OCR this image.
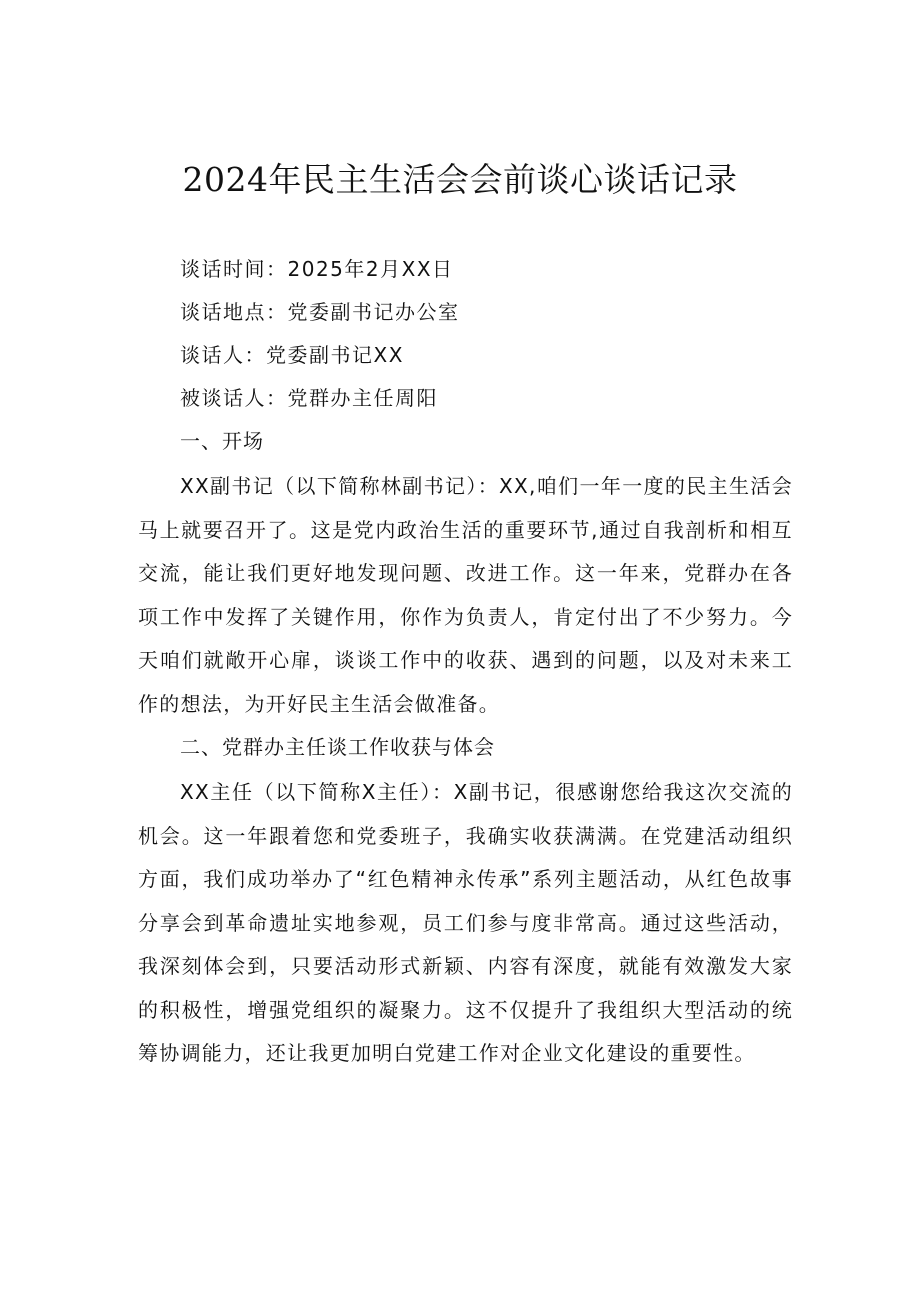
2024年民主生活会会前谈心谈话记录
谈话时间：2025年2月XX日
谈话地点：党委副书记办公室
谈话人：党委副书记XX
被谈话人：党群办主任周阳
一、开场

XX副书记（以下简称林副书记）：XX,咱们一年一度的民主生活会马上就要召开了。这是党内政治生活的重要环节,通过自我剖析和相互交流，能让我们更好地发现问题、改进工作。这一年来，党群办在各项工作中发挥了关键作用，你作为负责人，肯定付出了不少努力。今天咱们就敞开心扉，谈谈工作中的收获、遇到的问题，以及对未来工作的想法，为开好民主生活会做准备。

二、党群办主任谈工作收获与体会

XX主任（以下简称X主任）：X副书记，很感谢您给我这次交流的机会。这一年跟着您和党委班子，我确实收获满满。在党建活动组织方面，我们成功举办了“红色精神永传承”系列主题活动，从红色故事分享会到革命遗址实地参观，员工们参与度非常高。通过这些活动，我深刻体会到，只要活动形式新颖、内容有深度，就能有效激发大家的积极性，增强党组织的凝聚力。这不仅提升了我组织大型活动的统筹协调能力，还让我更加明白党建工作对企业文化建设的重要性。
